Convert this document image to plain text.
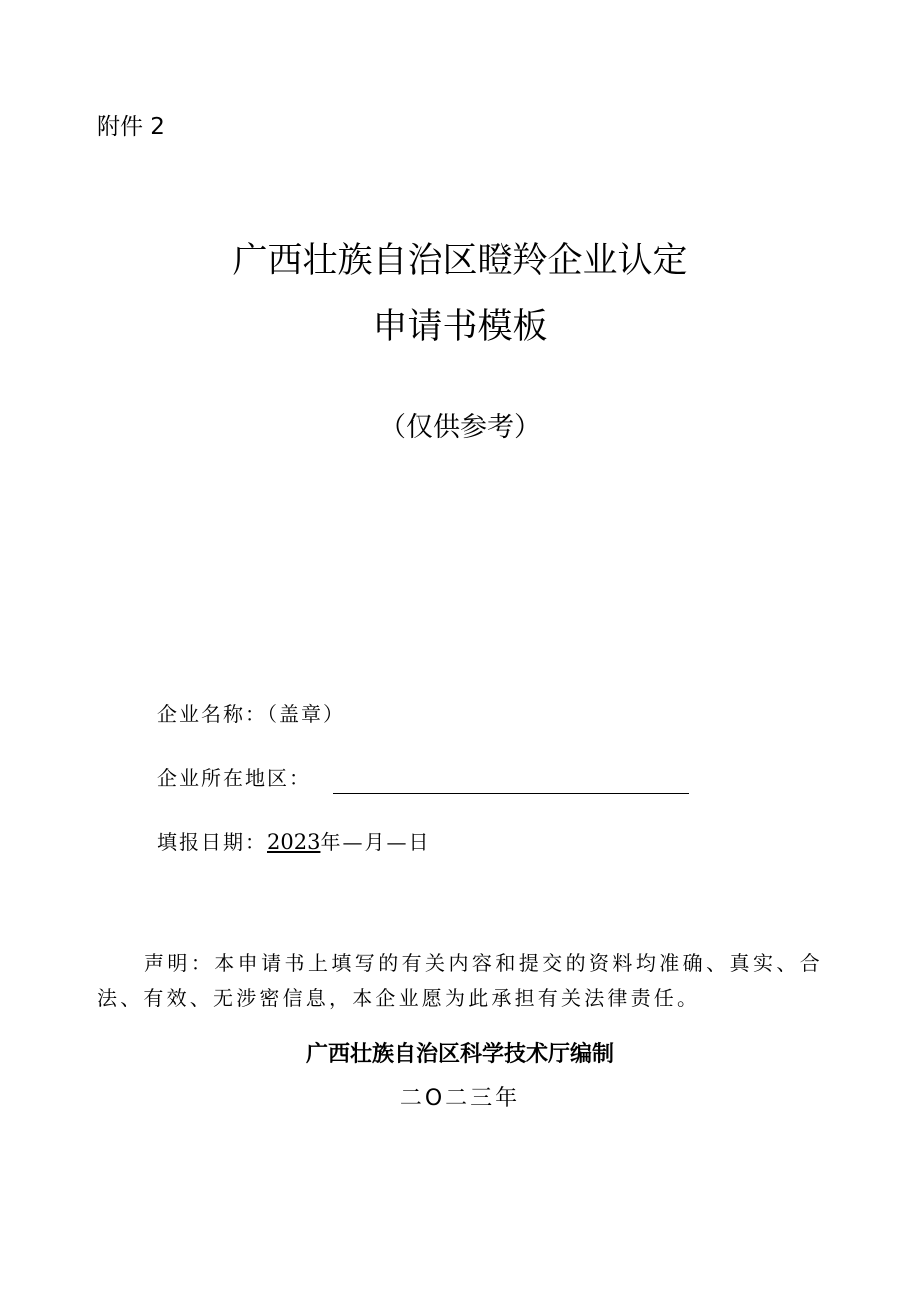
附件 2
广西壮族自治区瞪羚企业认定
申请书模板
（仅供参考）
企业名称：（盖章）
企业所在地区：
填报日期：2023年—月—日
声明：本申请书上填写的有关内容和提交的资料均准确、真实、合法、有效、无涉密信息，本企业愿为此承担有关法律责任。
广西壮族自治区科学技术厅编制
二O二三年
